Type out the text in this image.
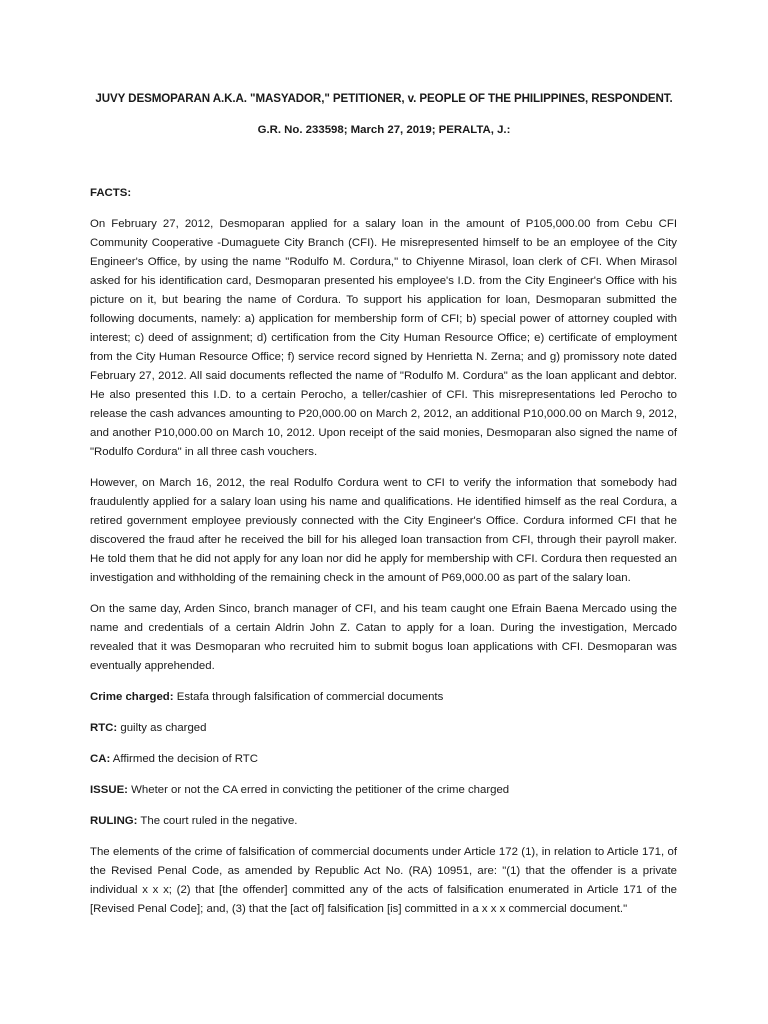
JUVY DESMOPARAN A.K.A. "MASYADOR," PETITIONER, v. PEOPLE OF THE PHILIPPINES, RESPONDENT.
G.R. No. 233598; March 27, 2019; PERALTA, J.:
FACTS:

On February 27, 2012, Desmoparan applied for a salary loan in the amount of P105,000.00 from Cebu CFI Community Cooperative -Dumaguete City Branch (CFI). He misrepresented himself to be an employee of the City Engineer's Office, by using the name "Rodulfo M. Cordura," to Chiyenne Mirasol, loan clerk of CFI. When Mirasol asked for his identification card, Desmoparan presented his employee's I.D. from the City Engineer's Office with his picture on it, but bearing the name of Cordura. To support his application for loan, Desmoparan submitted the following documents, namely: a) application for membership form of CFI; b) special power of attorney coupled with interest; c) deed of assignment; d) certification from the City Human Resource Office; e) certificate of employment from the City Human Resource Office; f) service record signed by Henrietta N. Zerna; and g) promissory note dated February 27, 2012. All said documents reflected the name of "Rodulfo M. Cordura" as the loan applicant and debtor. He also presented this I.D. to a certain Perocho, a teller/cashier of CFI. This misrepresentations led Perocho to release the cash advances amounting to P20,000.00 on March 2, 2012, an additional P10,000.00 on March 9, 2012, and another P10,000.00 on March 10, 2012. Upon receipt of the said monies, Desmoparan also signed the name of "Rodulfo Cordura" in all three cash vouchers.

However, on March 16, 2012, the real Rodulfo Cordura went to CFI to verify the information that somebody had fraudulently applied for a salary loan using his name and qualifications. He identified himself as the real Cordura, a retired government employee previously connected with the City Engineer's Office. Cordura informed CFI that he discovered the fraud after he received the bill for his alleged loan transaction from CFI, through their payroll maker. He told them that he did not apply for any loan nor did he apply for membership with CFI. Cordura then requested an investigation and withholding of the remaining check in the amount of P69,000.00 as part of the salary loan.

On the same day, Arden Sinco, branch manager of CFI, and his team caught one Efrain Baena Mercado using the name and credentials of a certain Aldrin John Z. Catan to apply for a loan. During the investigation, Mercado revealed that it was Desmoparan who recruited him to submit bogus loan applications with CFI. Desmoparan was eventually apprehended.

Crime charged: Estafa through falsification of commercial documents

RTC: guilty as charged

CA: Affirmed the decision of RTC

ISSUE: Wheter or not the CA erred in convicting the petitioner of the crime charged

RULING: The court ruled in the negative.

The elements of the crime of falsification of commercial documents under Article 172 (1), in relation to Article 171, of the Revised Penal Code, as amended by Republic Act No. (RA) 10951, are: "(1) that the offender is a private individual x x x; (2) that [the offender] committed any of the acts of falsification enumerated in Article 171 of the [Revised Penal Code]; and, (3) that the [act of] falsification [is] committed in a x x x commercial document."
